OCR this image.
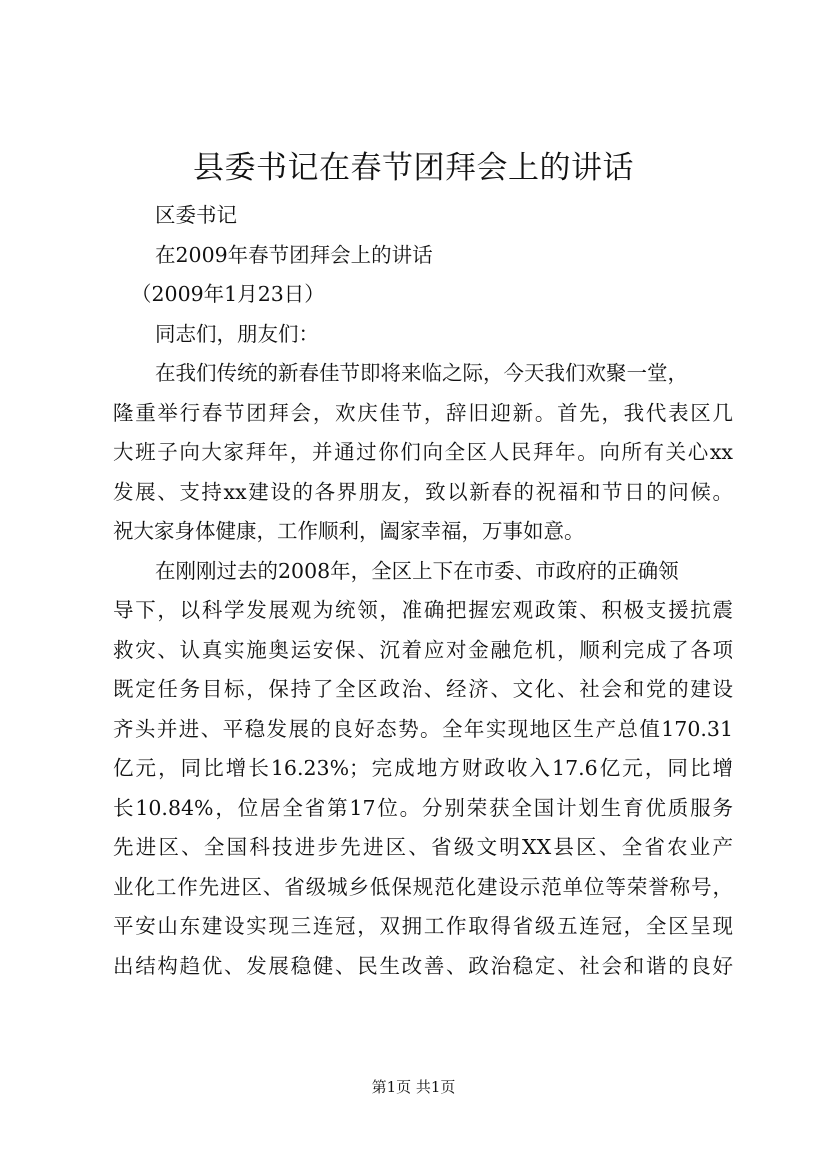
县委书记在春节团拜会上的讲话
区委书记
在2009年春节团拜会上的讲话
（2009年1月23日）
同志们，朋友们：
在我们传统的新春佳节即将来临之际，今天我们欢聚一堂，
隆重举行春节团拜会，欢庆佳节，辞旧迎新。首先，我代表区几
大班子向大家拜年，并通过你们向全区人民拜年。向所有关心xx
发展、支持xx建设的各界朋友，致以新春的祝福和节日的问候。
祝大家身体健康，工作顺利，阖家幸福，万事如意。
在刚刚过去的2008年，全区上下在市委、市政府的正确领
导下，以科学发展观为统领，准确把握宏观政策、积极支援抗震
救灾、认真实施奥运安保、沉着应对金融危机，顺利完成了各项
既定任务目标，保持了全区政治、经济、文化、社会和党的建设
齐头并进、平稳发展的良好态势。全年实现地区生产总值170.31
亿元，同比增长16.23%；完成地方财政收入17.6亿元，同比增
长10.84%，位居全省第17位。分别荣获全国计划生育优质服务
先进区、全国科技进步先进区、省级文明XX县区、全省农业产
业化工作先进区、省级城乡低保规范化建设示范单位等荣誉称号，
平安山东建设实现三连冠，双拥工作取得省级五连冠，全区呈现
出结构趋优、发展稳健、民生改善、政治稳定、社会和谐的良好
第1页 共1页
